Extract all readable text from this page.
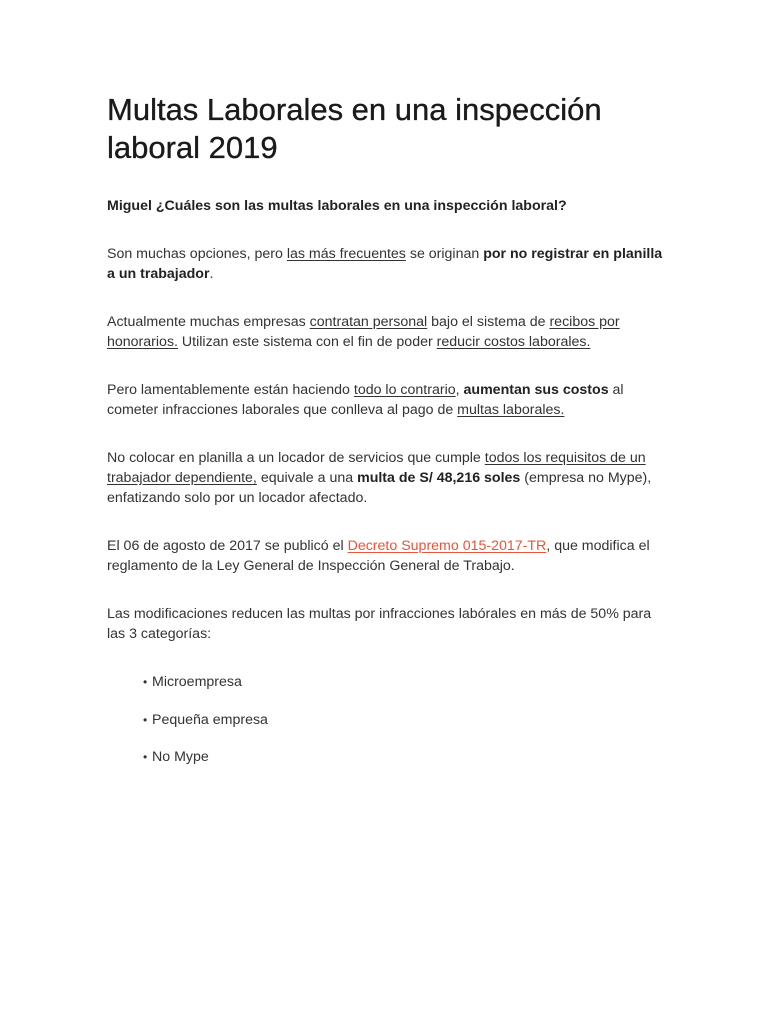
Multas Laborales en una inspección laboral 2019

Miguel ¿Cuáles son las multas laborales en una inspección laboral?

Son muchas opciones, pero las más frecuentes se originan por no registrar en planilla a un trabajador.

Actualmente muchas empresas contratan personal bajo el sistema de recibos por honorarios. Utilizan este sistema con el fin de poder reducir costos laborales.

Pero lamentablemente están haciendo todo lo contrario, aumentan sus costos al cometer infracciones laborales que conlleva al pago de multas laborales.

No colocar en planilla a un locador de servicios que cumple todos los requisitos de un trabajador dependiente, equivale a una multa de S/ 48,216 soles (empresa no Mype), enfatizando solo por un locador afectado.

El 06 de agosto de 2017 se publicó el Decreto Supremo 015-2017-TR, que modifica el reglamento de la Ley General de Inspección General de Trabajo.

Las modificaciones reducen las multas por infracciones labórales en más de 50% para las 3 categorías:

• Microempresa
• Pequeña empresa
• No Mype
